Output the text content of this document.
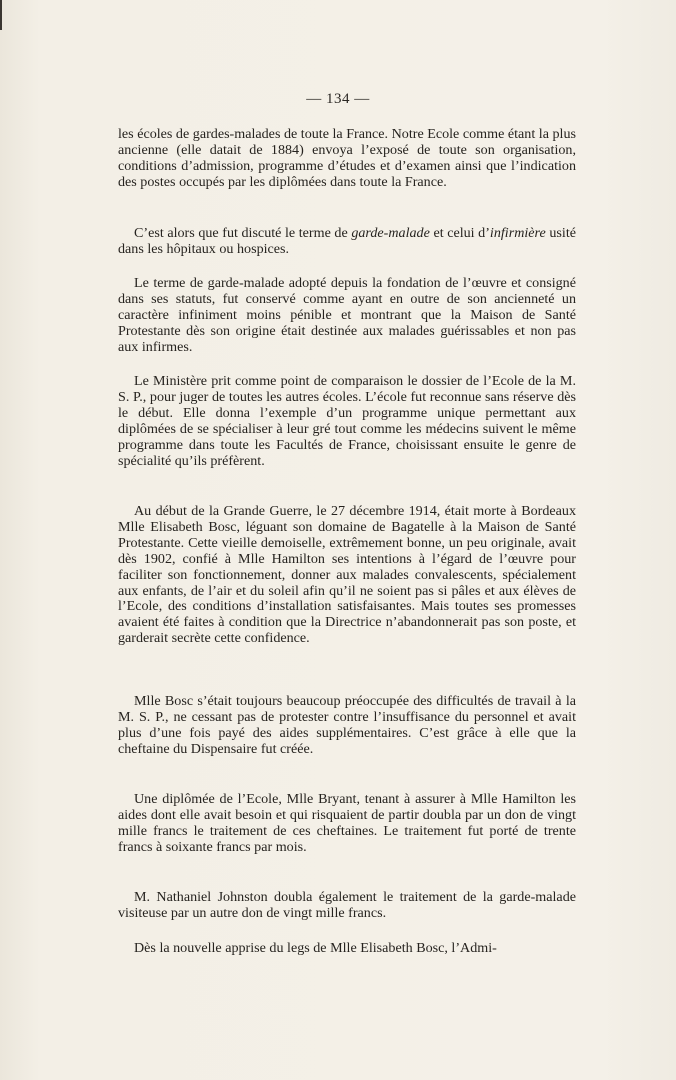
— 134 —

les écoles de gardes-malades de toute la France. Notre Ecole comme étant la plus ancienne (elle datait de 1884) envoya l’exposé de toute son organisation, conditions d’admission, programme d’études et d’examen ainsi que l’indication des postes occupés par les diplômées dans toute la France.

C’est alors que fut discuté le terme de garde-malade et celui d’infirmière usité dans les hôpitaux ou hospices.

Le terme de garde-malade adopté depuis la fondation de l’œuvre et consigné dans ses statuts, fut conservé comme ayant en outre de son ancienneté un caractère infiniment moins pénible et montrant que la Maison de Santé Protestante dès son origine était destinée aux malades guérissables et non pas aux infirmes.

Le Ministère prit comme point de comparaison le dossier de l’Ecole de la M. S. P., pour juger de toutes les autres écoles. L’école fut reconnue sans réserve dès le début. Elle donna l’exemple d’un programme unique permettant aux diplômées de se spécialiser à leur gré tout comme les médecins suivent le même programme dans toute les Facultés de France, choisissant ensuite le genre de spécialité qu’ils préfèrent.

Au début de la Grande Guerre, le 27 décembre 1914, était morte à Bordeaux Mlle Elisabeth Bosc, léguant son domaine de Bagatelle à la Maison de Santé Protestante. Cette vieille demoiselle, extrêmement bonne, un peu originale, avait dès 1902, confié à Mlle Hamilton ses intentions à l’égard de l’œuvre pour faciliter son fonctionnement, donner aux malades convalescents, spécialement aux enfants, de l’air et du soleil afin qu’il ne soient pas si pâles et aux élèves de l’Ecole, des conditions d’installation satisfaisantes. Mais toutes ses promesses avaient été faites à condition que la Directrice n’abandonnerait pas son poste, et garderait secrète cette confidence.

Mlle Bosc s’était toujours beaucoup préoccupée des difficultés de travail à la M. S. P., ne cessant pas de protester contre l’insuffisance du personnel et avait plus d’une fois payé des aides supplémentaires. C’est grâce à elle que la cheftaine du Dispensaire fut créée.

Une diplômée de l’Ecole, Mlle Bryant, tenant à assurer à Mlle Hamilton les aides dont elle avait besoin et qui risquaient de partir doubla par un don de vingt mille francs le traitement de ces cheftaines. Le traitement fut porté de trente francs à soixante francs par mois.

M. Nathaniel Johnston doubla également le traitement de la garde-malade visiteuse par un autre don de vingt mille francs.

Dès la nouvelle apprise du legs de Mlle Elisabeth Bosc, l’Admi-
